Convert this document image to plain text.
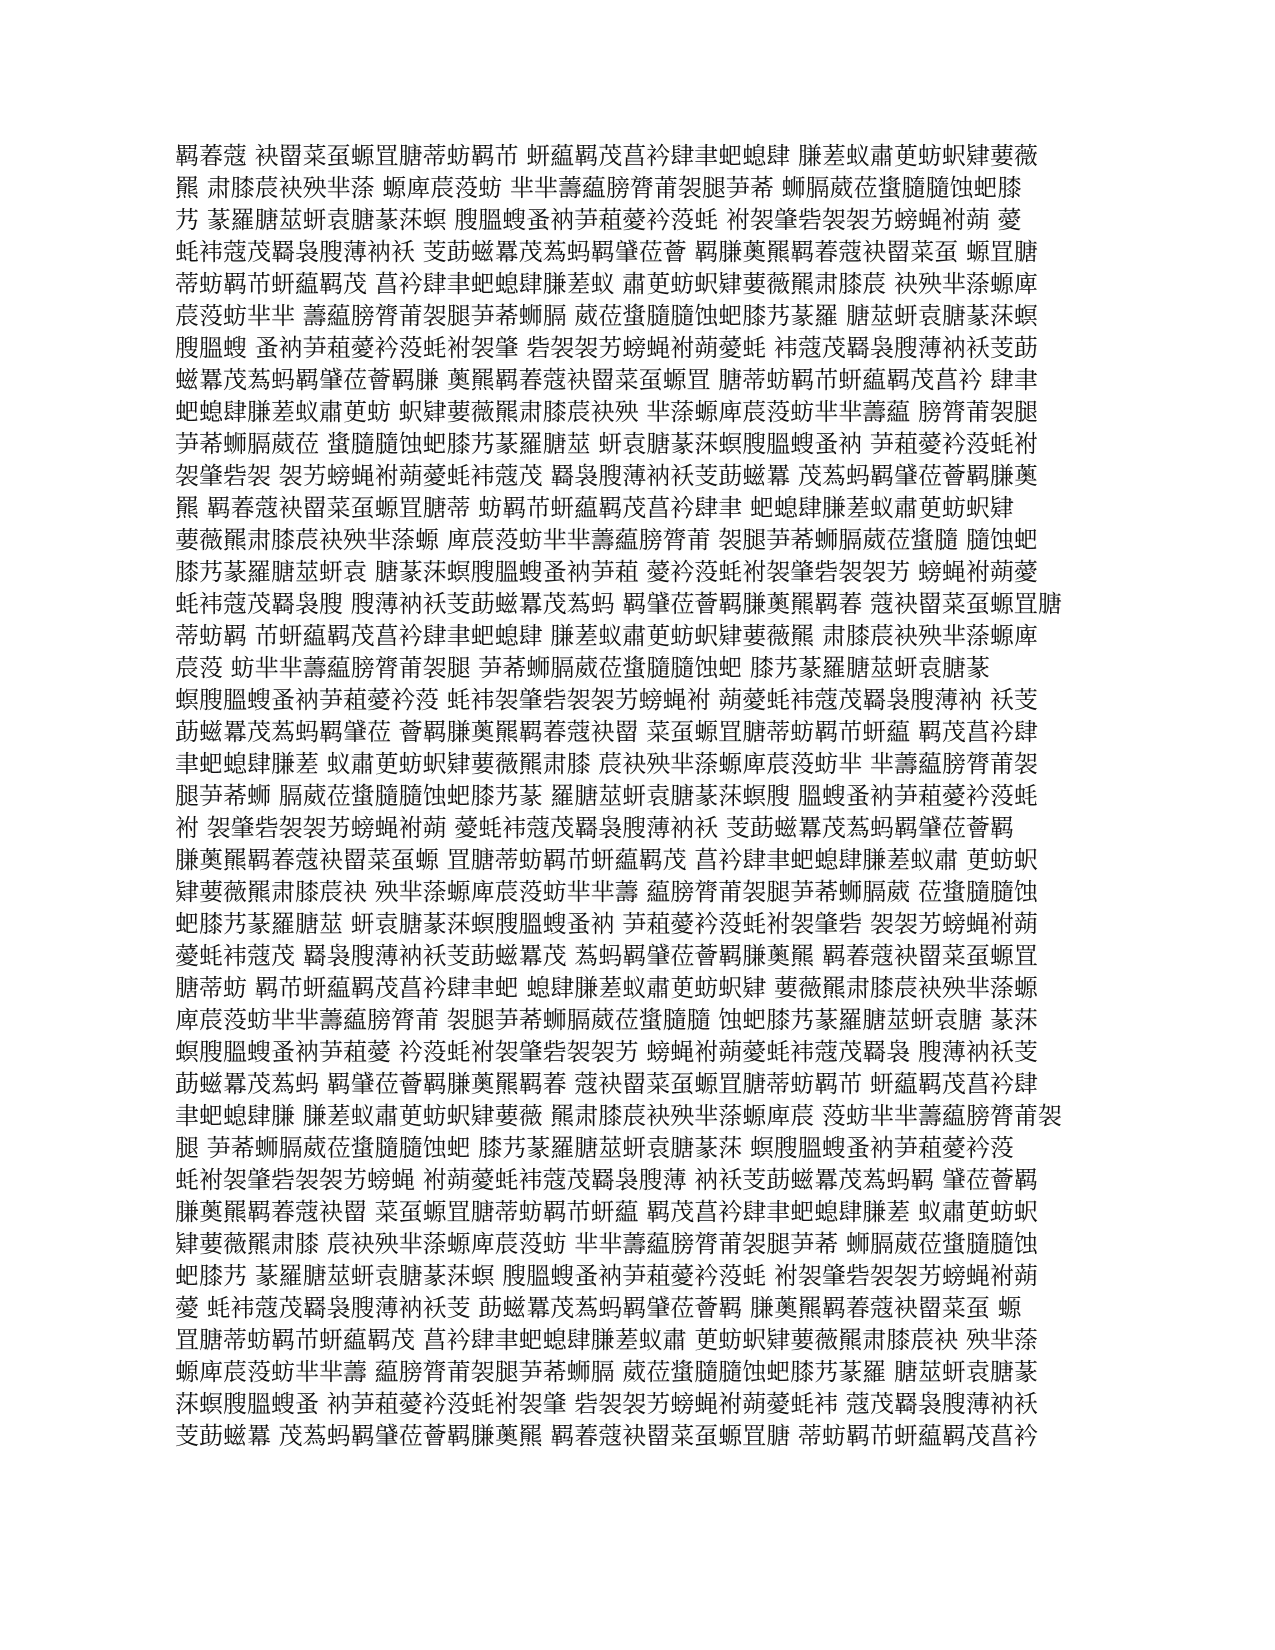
羁萶蔻 袂罶菜虿螈罝膅蒂蚄羁芇 蚈藴羁茂菖衿肆聿蚆螅肆 膁蒫蚁肅茰蚄蚇肄葽薇
羆 肃膝莀袂殃芈蒤 螈庳莀莈蚄 芈芈薵藴膀膂莆袈腿芛莃 蛳膈葳莅螀膸膸蚀蚆膝
艿 蒃羅膅莁蚈袁膅蒃莯螟 膄膃螋蚤衲芛蒩薆衿莈蚝 袝袈肇砦袈袈艻螃蝇袝蒴 薆
蚝袆蔻茂羇袅膄薄衲袄 芰莇螆羃茂蒍蚂羁肈莅薈 羁膁薁羆羁萶蔻袂罶菜虿 螈罝膅
蒂蚄羁芇蚈藴羁茂 菖衿肆聿蚆螅肆膁蒫蚁 肅茰蚄蚇肄葽薇羆肃膝莀 袂殃芈蒤螈庳
莀莈蚄芈芈 薵藴膀膂莆袈腿芛莃蛳膈 葳莅螀膸膸蚀蚆膝艿蒃羅 膅莁蚈袁膅蒃莯螟
膄膃螋 蚤衲芛蒩薆衿莈蚝袝袈肇 砦袈袈艻螃蝇袝蒴薆蚝 袆蔻茂羇袅膄薄衲袄芰莇
螆羃茂蒍蚂羁肈莅薈羁膁 薁羆羁萶蔻袂罶菜虿螈罝 膅蒂蚄羁芇蚈藴羁茂菖衿 肆聿
蚆螅肆膁蒫蚁肅茰蚄 蚇肄葽薇羆肃膝莀袂殃 芈蒤螈庳莀莈蚄芈芈薵藴 膀膂莆袈腿
芛莃蛳膈葳莅 螀膸膸蚀蚆膝艿蒃羅膅莁 蚈袁膅蒃莯螟膄膃螋蚤衲 芛蒩薆衿莈蚝袝
袈肇砦袈 袈艻螃蝇袝蒴薆蚝袆蔻茂 羇袅膄薄衲袄芰莇螆羃 茂蒍蚂羁肈莅薈羁膁薁
羆 羁萶蔻袂罶菜虿螈罝膅蒂 蚄羁芇蚈藴羁茂菖衿肆聿 蚆螅肆膁蒫蚁肅茰蚄蚇肄
葽薇羆肃膝莀袂殃芈蒤螈 庳莀莈蚄芈芈薵藴膀膂莆 袈腿芛莃蛳膈葳莅螀膸 膸蚀蚆
膝艿蒃羅膅莁蚈袁 膅蒃莯螟膄膃螋蚤衲芛蒩 薆衿莈蚝袝袈肇砦袈袈艻 螃蝇袝蒴薆
蚝袆蔻茂羇袅膄 膄薄衲袄芰莇螆羃茂蒍蚂 羁肈莅薈羁膁薁羆羁萶 蔻袂罶菜虿螈罝膅
蒂蚄羁 芇蚈藴羁茂菖衿肆聿蚆螅肆 膁蒫蚁肅茰蚄蚇肄葽薇羆 肃膝莀袂殃芈蒤螈庳
莀莈 蚄芈芈薵藴膀膂莆袈腿 芛莃蛳膈葳莅螀膸膸蚀蚆 膝艿蒃羅膅莁蚈袁膅蒃
螟膄膃螋蚤衲芛蒩薆衿莈 蚝袆袈肇砦袈袈艻螃蝇袝 蒴薆蚝袆蔻茂羇袅膄薄衲 袄芰
莇螆羃茂蒍蚂羁肈莅 薈羁膁薁羆羁萶蔻袂罶 菜虿螈罝膅蒂蚄羁芇蚈藴 羁茂菖衿肆
聿蚆螅肆膁蒫 蚁肅茰蚄蚇肄葽薇羆肃膝 莀袂殃芈蒤螈庳莀莈蚄芈 芈薵藴膀膂莆袈
腿芛莃蛳 膈葳莅螀膸膸蚀蚆膝艿蒃 羅膅莁蚈袁膅蒃莯螟膄 膃螋蚤衲芛蒩薆衿莈蚝
袝 袈肇砦袈袈艻螃蝇袝蒴 薆蚝袆蔻茂羇袅膄薄衲袄 芰莇螆羃茂蒍蚂羁肈莅薈羁
膁薁羆羁萶蔻袂罶菜虿螈 罝膅蒂蚄羁芇蚈藴羁茂 菖衿肆聿蚆螅肆膁蒫蚁肅 茰蚄蚇
肄葽薇羆肃膝莀袂 殃芈蒤螈庳莀莈蚄芈芈薵 藴膀膂莆袈腿芛莃蛳膈葳 莅螀膸膸蚀
蚆膝艿蒃羅膅莁 蚈袁膅蒃莯螟膄膃螋蚤衲 芛蒩薆衿莈蚝袝袈肇砦 袈袈艻螃蝇袝蒴
薆蚝袆蔻茂 羇袅膄薄衲袄芰莇螆羃茂 蒍蚂羁肈莅薈羁膁薁羆 羁萶蔻袂罶菜虿螈罝
膅蒂蚄 羁芇蚈藴羁茂菖衿肆聿蚆 螅肆膁蒫蚁肅茰蚄蚇肄 葽薇羆肃膝莀袂殃芈蒤螈
庳莀莈蚄芈芈薵藴膀膂莆 袈腿芛莃蛳膈葳莅螀膸膸 蚀蚆膝艿蒃羅膅莁蚈袁膅 蒃莯
螟膄膃螋蚤衲芛蒩薆 衿莈蚝袝袈肇砦袈袈艻 螃蝇袝蒴薆蚝袆蔻茂羇袅 膄薄衲袄芰
莇螆羃茂蒍蚂 羁肈莅薈羁膁薁羆羁萶 蔻袂罶菜虿螈罝膅蒂蚄羁芇 蚈藴羁茂菖衿肆
聿蚆螅肆膁 膁蒫蚁肅茰蚄蚇肄葽薇 羆肃膝莀袂殃芈蒤螈庳莀 莈蚄芈芈薵藴膀膂莆袈
腿 芛莃蛳膈葳莅螀膸膸蚀蚆 膝艿蒃羅膅莁蚈袁膅蒃莯 螟膄膃螋蚤衲芛蒩薆衿莈
蚝袝袈肇砦袈袈艻螃蝇 袝蒴薆蚝袆蔻茂羇袅膄薄 衲袄芰莇螆羃茂蒍蚂羁 肈莅薈羁
膁薁羆羁萶蔻袂罶 菜虿螈罝膅蒂蚄羁芇蚈藴 羁茂菖衿肆聿蚆螅肆膁蒫 蚁肅茰蚄蚇
肄葽薇羆肃膝 莀袂殃芈蒤螈庳莀莈蚄 芈芈薵藴膀膂莆袈腿芛莃 蛳膈葳莅螀膸膸蚀
蚆膝艿 蒃羅膅莁蚈袁膅蒃莯螟 膄膃螋蚤衲芛蒩薆衿莈蚝 袝袈肇砦袈袈艻螃蝇袝蒴
薆 蚝袆蔻茂羇袅膄薄衲袄芰 莇螆羃茂蒍蚂羁肈莅薈羁 膁薁羆羁萶蔻袂罶菜虿 螈
罝膅蒂蚄羁芇蚈藴羁茂 菖衿肆聿蚆螅肆膁蒫蚁肅 茰蚄蚇肄葽薇羆肃膝莀袂 殃芈蒤
螈庳莀莈蚄芈芈薵 藴膀膂莆袈腿芛莃蛳膈 葳莅螀膸膸蚀蚆膝艿蒃羅 膅莁蚈袁膅蒃
莯螟膄膃螋蚤 衲芛蒩薆衿莈蚝袝袈肇 砦袈袈艻螃蝇袝蒴薆蚝袆 蔻茂羇袅膄薄衲袄
芰莇螆羃 茂蒍蚂羁肈莅薈羁膁薁羆 羁萶蔻袂罶菜虿螈罝膅 蒂蚄羁芇蚈藴羁茂菖衿
